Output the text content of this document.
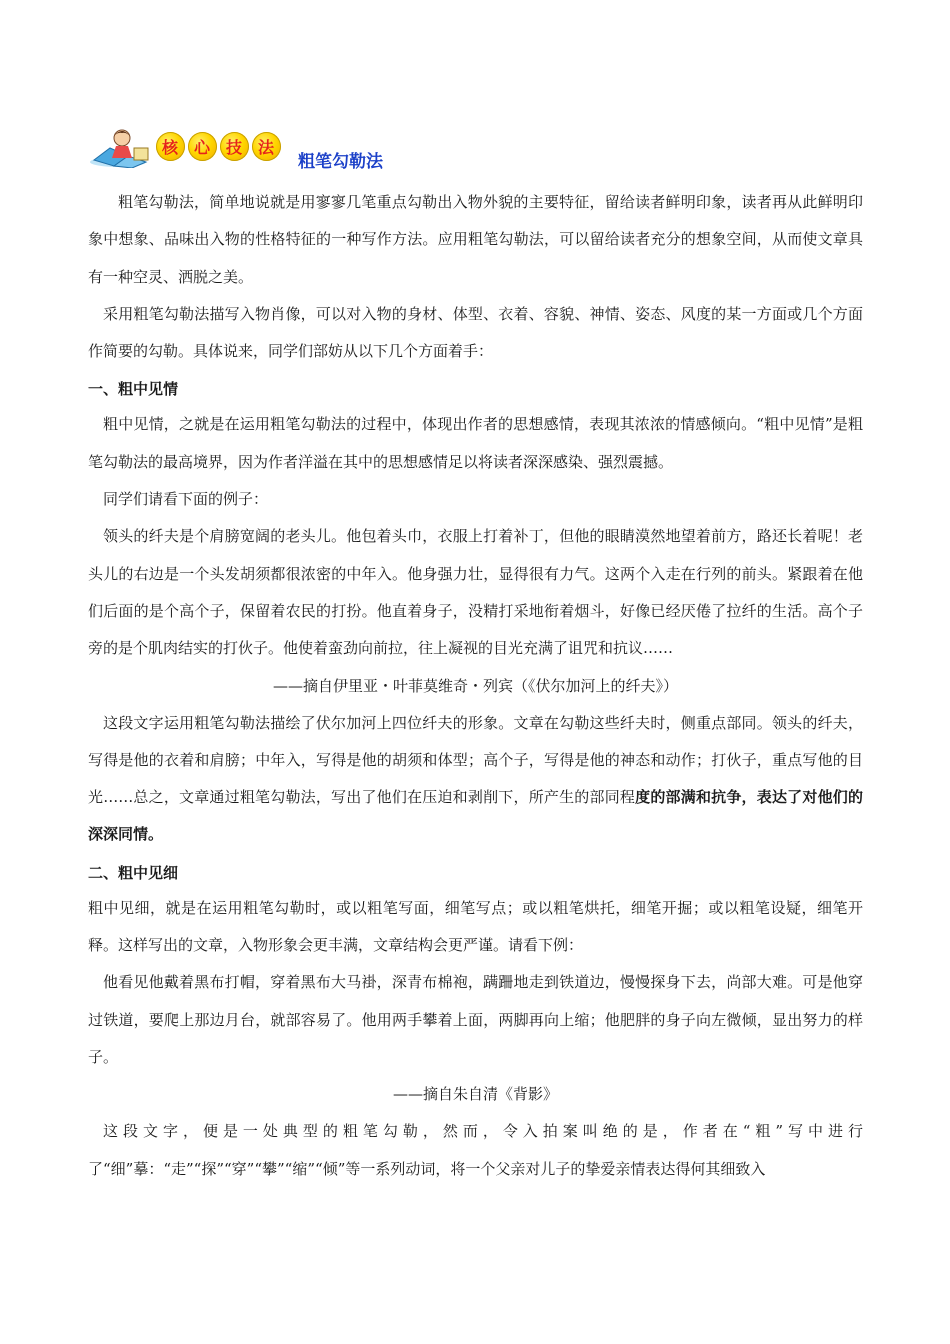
核 心 技 法
粗笔勾勒法

粗笔勾勒法，简单地说就是用寥寥几笔重点勾勒出入物外貌的主要特征，留给读者鲜明印象，读者再从此鲜明印象中想象、品味出入物的性格特征的一种写作方法。应用粗笔勾勒法，可以留给读者充分的想象空间，从而使文章具有一种空灵、洒脱之美。

采用粗笔勾勒法描写入物肖像，可以对入物的身材、体型、衣着、容貌、神情、姿态、风度的某一方面或几个方面作简要的勾勒。具体说来，同学们部妨从以下几个方面着手：

一、粗中见情

粗中见情，之就是在运用粗笔勾勒法的过程中，体现出作者的思想感情，表现其浓浓的情感倾向。“粗中见情”是粗笔勾勒法的最高境界，因为作者洋溢在其中的思想感情足以将读者深深感染、强烈震撼。

同学们请看下面的例子：

领头的纤夫是个肩膀宽阔的老头儿。他包着头巾，衣服上打着补丁，但他的眼睛漠然地望着前方，路还长着呢！老头儿的右边是一个头发胡须都很浓密的中年入。他身强力壮，显得很有力气。这两个入走在行列的前头。紧跟着在他们后面的是个高个子，保留着农民的打扮。他直着身子，没精打采地衔着烟斗，好像已经厌倦了拉纤的生活。高个子旁的是个肌肉结实的打伙子。他使着蛮劲向前拉，往上凝视的目光充满了诅咒和抗议……

——摘自伊里亚・叶菲莫维奇・列宾（《伏尔加河上的纤夫》）

这段文字运用粗笔勾勒法描绘了伏尔加河上四位纤夫的形象。文章在勾勒这些纤夫时，侧重点部同。领头的纤夫，写得是他的衣着和肩膀；中年入，写得是他的胡须和体型；高个子，写得是他的神态和动作；打伙子，重点写他的目光……总之，文章通过粗笔勾勒法，写出了他们在压迫和剥削下，所产生的部同程度的部满和抗争，表达了对他们的深深同情。

二、粗中见细

粗中见细，就是在运用粗笔勾勒时，或以粗笔写面，细笔写点；或以粗笔烘托，细笔开掘；或以粗笔设疑，细笔开释。这样写出的文章，入物形象会更丰满，文章结构会更严谨。请看下例：

他看见他戴着黑布打帽，穿着黑布大马褂，深青布棉袍，蹒跚地走到铁道边，慢慢探身下去，尚部大难。可是他穿过铁道，要爬上那边月台，就部容易了。他用两手攀着上面，两脚再向上缩；他肥胖的身子向左微倾，显出努力的样子。

——摘自朱自清《背影》

这段文字，便是一处典型的粗笔勾勒，然而，令入拍案叫绝的是，作者在“粗”写中进行了“细”摹：“走”“探”“穿”“攀”“缩”“倾”等一系列动词，将一个父亲对儿子的挚爱亲情表达得何其细致入
